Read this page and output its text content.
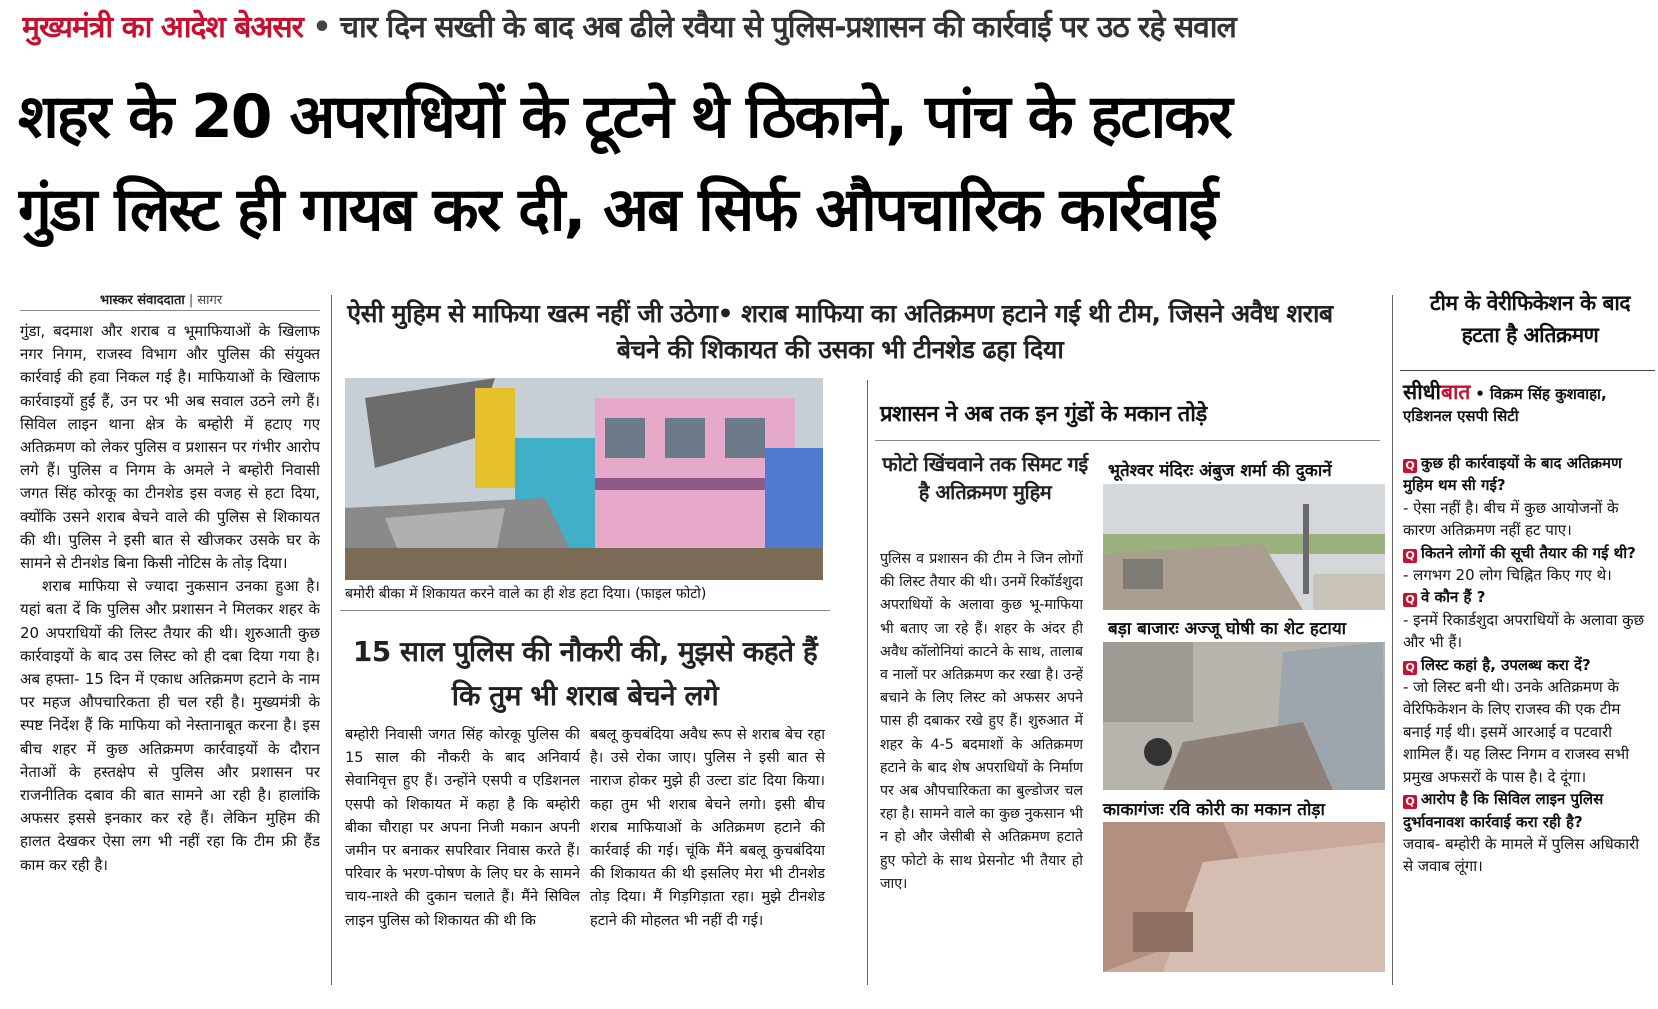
मुख्यमंत्री का आदेश बेअसर • चार दिन सख्ती के बाद अब ढीले रवैया से पुलिस-प्रशासन की कार्रवाई पर उठ रहे सवाल
शहर के 20 अपराधियों के टूटने थे ठिकाने, पांच के हटाकर
गुंडा लिस्ट ही गायब कर दी, अब सिर्फ औपचारिक कार्रवाई
भास्कर संवाददाता | सागर

गुंडा, बदमाश और शराब व भूमाफियाओं के खिलाफ नगर निगम, राजस्व विभाग और पुलिस की संयुक्त कार्रवाई की हवा निकल गई है। माफियाओं के खिलाफ कार्रवाइयों हुईं हैं, उन पर भी अब सवाल उठने लगे हैं। सिविल लाइन थाना क्षेत्र के बम्होरी में हटाए गए अतिक्रमण को लेकर पुलिस व प्रशासन पर गंभीर आरोप लगे हैं। पुलिस व निगम के अमले ने बम्होरी निवासी जगत सिंह कोरकू का टीनशेड इस वजह से हटा दिया, क्योंकि उसने शराब बेचने वाले की पुलिस से शिकायत की थी। पुलिस ने इसी बात से खीजकर उसके घर के सामने से टीनशेड बिना किसी नोटिस के तोड़ दिया।

शराब माफिया से ज्यादा नुकसान उनका हुआ है। यहां बता दें कि पुलिस और प्रशासन ने मिलकर शहर के 20 अपराधियों की लिस्ट तैयार की थी। शुरुआती कुछ कार्रवाइयों के बाद उस लिस्ट को ही दबा दिया गया है। अब हफ्ता- 15 दिन में एकाध अतिक्रमण हटाने के नाम पर महज औपचारिकता ही चल रही है। मुख्यमंत्री के स्पष्ट निर्देश हैं कि माफिया को नेस्तानाबूत करना है। इस बीच शहर में कुछ अतिक्रमण कार्रवाइयों के दौरान नेताओं के हस्तक्षेप से पुलिस और प्रशासन पर राजनीतिक दबाव की बात सामने आ रही है। हालांकि अफसर इससे इनकार कर रहे हैं। लेकिन मुहिम की हालत देखकर ऐसा लग भी नहीं रहा कि टीम फ्री हैंड काम कर रही है।

ऐसी मुहिम से माफिया खत्म नहीं जी उठेगा• शराब माफिया का अतिक्रमण हटाने गई थी टीम, जिसने अवैध शराब बेचने की शिकायत की उसका भी टीनशेड ढहा दिया
बमोरी बीका में शिकायत करने वाले का ही शेड हटा दिया। (फाइल फोटो)
15 साल पुलिस की नौकरी की, मुझसे कहते हैं कि तुम भी शराब बेचने लगे

बम्होरी निवासी जगत सिंह कोरकू पुलिस की 15 साल की नौकरी के बाद अनिवार्य सेवानिवृत्त हुए हैं। उन्होंने एसपी व एडिशनल एसपी को शिकायत में कहा है कि बम्होरी बीका चौराहा पर अपना निजी मकान अपनी जमीन पर बनाकर सपरिवार निवास करते हैं। परिवार के भरण-पोषण के लिए घर के सामने चाय-नाश्ते की दुकान चलाते हैं। मैंने सिविल लाइन पुलिस को शिकायत की थी कि

बबलू कुचबंदिया अवैध रूप से शराब बेच रहा है। उसे रोका जाए। पुलिस ने इसी बात से नाराज होकर मुझे ही उल्टा डांट दिया किया। कहा तुम भी शराब बेचने लगो। इसी बीच शराब माफियाओं के अतिक्रमण हटाने की कार्रवाई की गई। चूंकि मैंने बबलू कुचबंदिया की शिकायत की थी इसलिए मेरा भी टीनशेड तोड़ दिया। मैं गिड़गिड़ाता रहा। मुझे टीनशेड हटाने की मोहलत भी नहीं दी गई।

प्रशासन ने अब तक इन गुंडों के मकान तोड़े
फोटो खिंचवाने तक सिमट गई है अतिक्रमण मुहिम

पुलिस व प्रशासन की टीम ने जिन लोगों की लिस्ट तैयार की थी। उनमें रिकॉर्डशुदा अपराधियों के अलावा कुछ भू-माफिया भी बताए जा रहे हैं। शहर के अंदर ही अवैध कॉलोनियां काटने के साथ, तालाब व नालों पर अतिक्रमण कर रखा है। उन्हें बचाने के लिए लिस्ट को अफसर अपने पास ही दबाकर रखे हुए हैं। शुरुआत में शहर के 4-5 बदमाशों के अतिक्रमण हटाने के बाद शेष अपराधियों के निर्माण पर अब औपचारिकता का बुल्डोजर चल रहा है। सामने वाले का कुछ नुकसान भी न हो और जेसीबी से अतिक्रमण हटाते हुए फोटो के साथ प्रेसनोट भी तैयार हो जाए।

भूतेश्वर मंदिरः अंबुज शर्मा की दुकानें
बड़ा बाजारः अज्जू घोषी का शेट हटाया
काकागंजः रवि कोरी का मकान तोड़ा
टीम के वेरीफिकेशन के बाद हटता है अतिक्रमण
सीधीबात • विक्रम सिंह कुशवाहा, एडिशनल एसपी सिटी
Q कुछ ही कार्रवाइयों के बाद अतिक्रमण मुहिम थम सी गई?
- ऐसा नहीं है। बीच में कुछ आयोजनों के कारण अतिक्रमण नहीं हट पाए।
Q कितने लोगों की सूची तैयार की गई थी?
- लगभग 20 लोग चिह्नित किए गए थे।
Q वे कौन हैं ?
- इनमें रिकार्डशुदा अपराधियों के अलावा कुछ और भी हैं।
Q लिस्ट कहां है, उपलब्ध करा दें?
- जो लिस्ट बनी थी। उनके अतिक्रमण के वेरिफिकेशन के लिए राजस्व की एक टीम बनाई गई थी। इसमें आरआई व पटवारी शामिल हैं। यह लिस्ट निगम व राजस्व सभी प्रमुख अफसरों के पास है। दे दूंगा।
Q आरोप है कि सिविल लाइन पुलिस दुर्भावनावश कार्रवाई करा रही है?
जवाब- बम्होरी के मामले में पुलिस अधिकारी से जवाब लूंगा।
